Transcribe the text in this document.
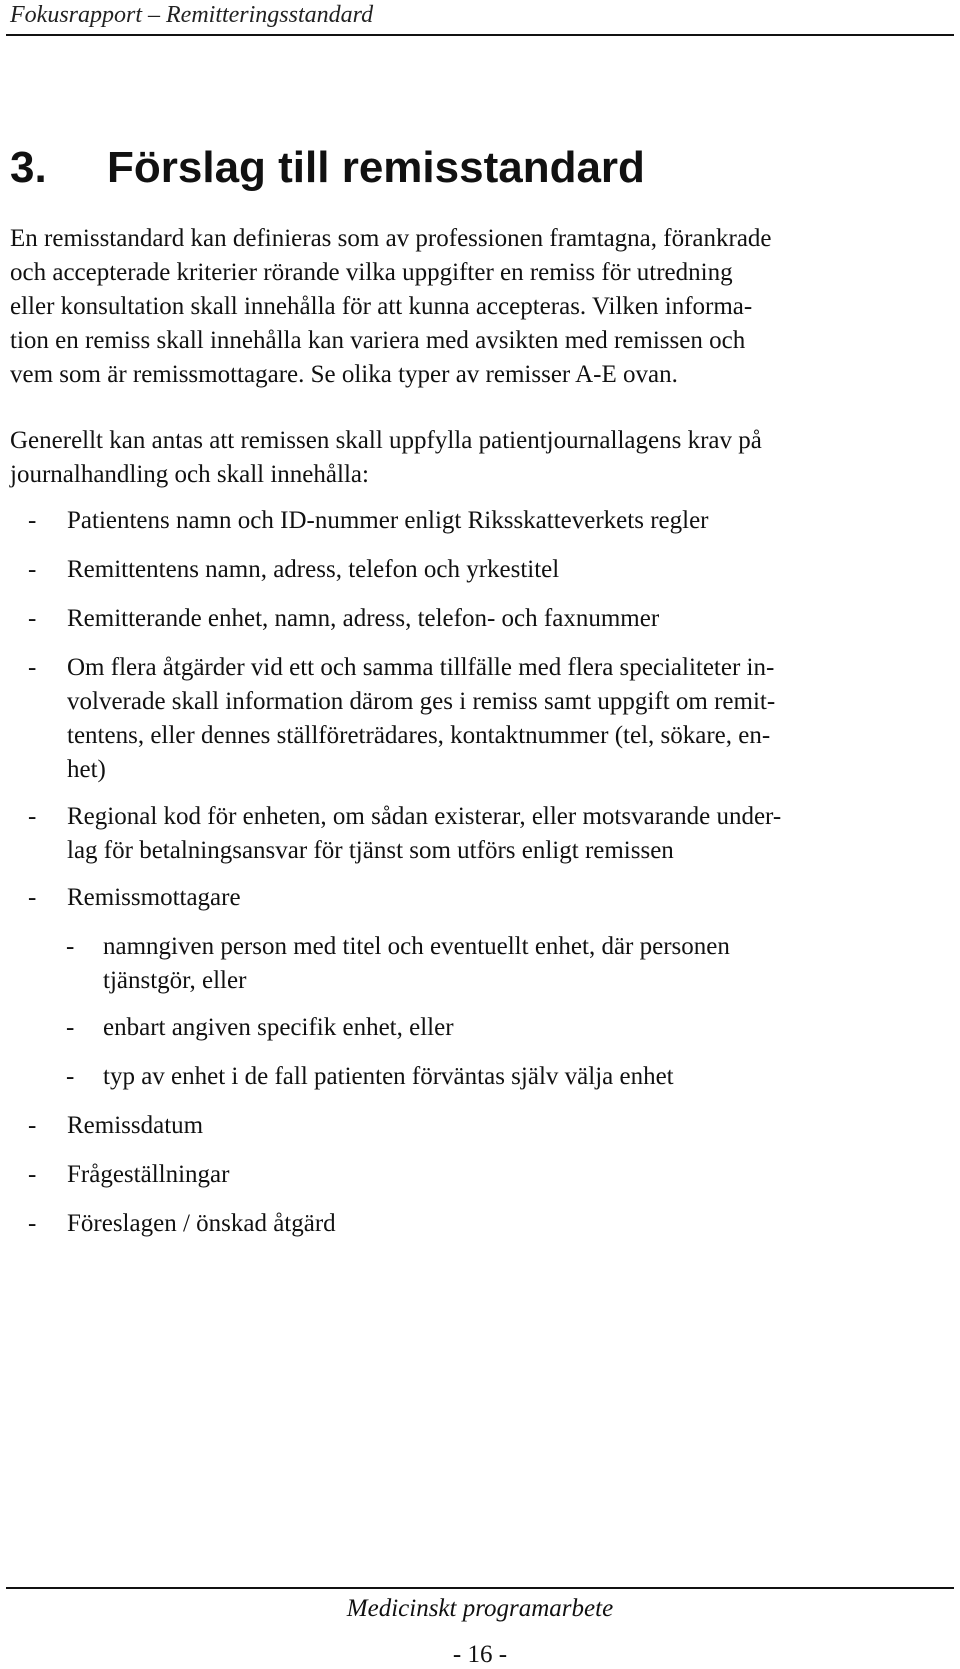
Fokusrapport – Remitteringsstandard
3. Förslag till remisstandard

En remisstandard kan definieras som av professionen framtagna, förankrade
och accepterade kriterier rörande vilka uppgifter en remiss för utredning
eller konsultation skall innehålla för att kunna accepteras. Vilken informa-
tion en remiss skall innehålla kan variera med avsikten med remissen och
vem som är remissmottagare. Se olika typer av remisser A-E ovan.

Generellt kan antas att remissen skall uppfylla patientjournallagens krav på
journalhandling och skall innehålla:

- Patientens namn och ID-nummer enligt Riksskatteverkets regler
- Remittentens namn, adress, telefon och yrkestitel
- Remitterande enhet, namn, adress, telefon- och faxnummer
- Om flera åtgärder vid ett och samma tillfälle med flera specialiteter in-
volverade skall information därom ges i remiss samt uppgift om remit-
tentens, eller dennes ställföreträdares, kontaktnummer (tel, sökare, en-
het)
- Regional kod för enheten, om sådan existerar, eller motsvarande under-
lag för betalningsansvar för tjänst som utförs enligt remissen
- Remissmottagare
- namngiven person med titel och eventuellt enhet, där personen
tjänstgör, eller
- enbart angiven specifik enhet, eller
- typ av enhet i de fall patienten förväntas själv välja enhet
- Remissdatum
- Frågeställningar
- Föreslagen / önskad åtgärd
Medicinskt programarbete
- 16 -
